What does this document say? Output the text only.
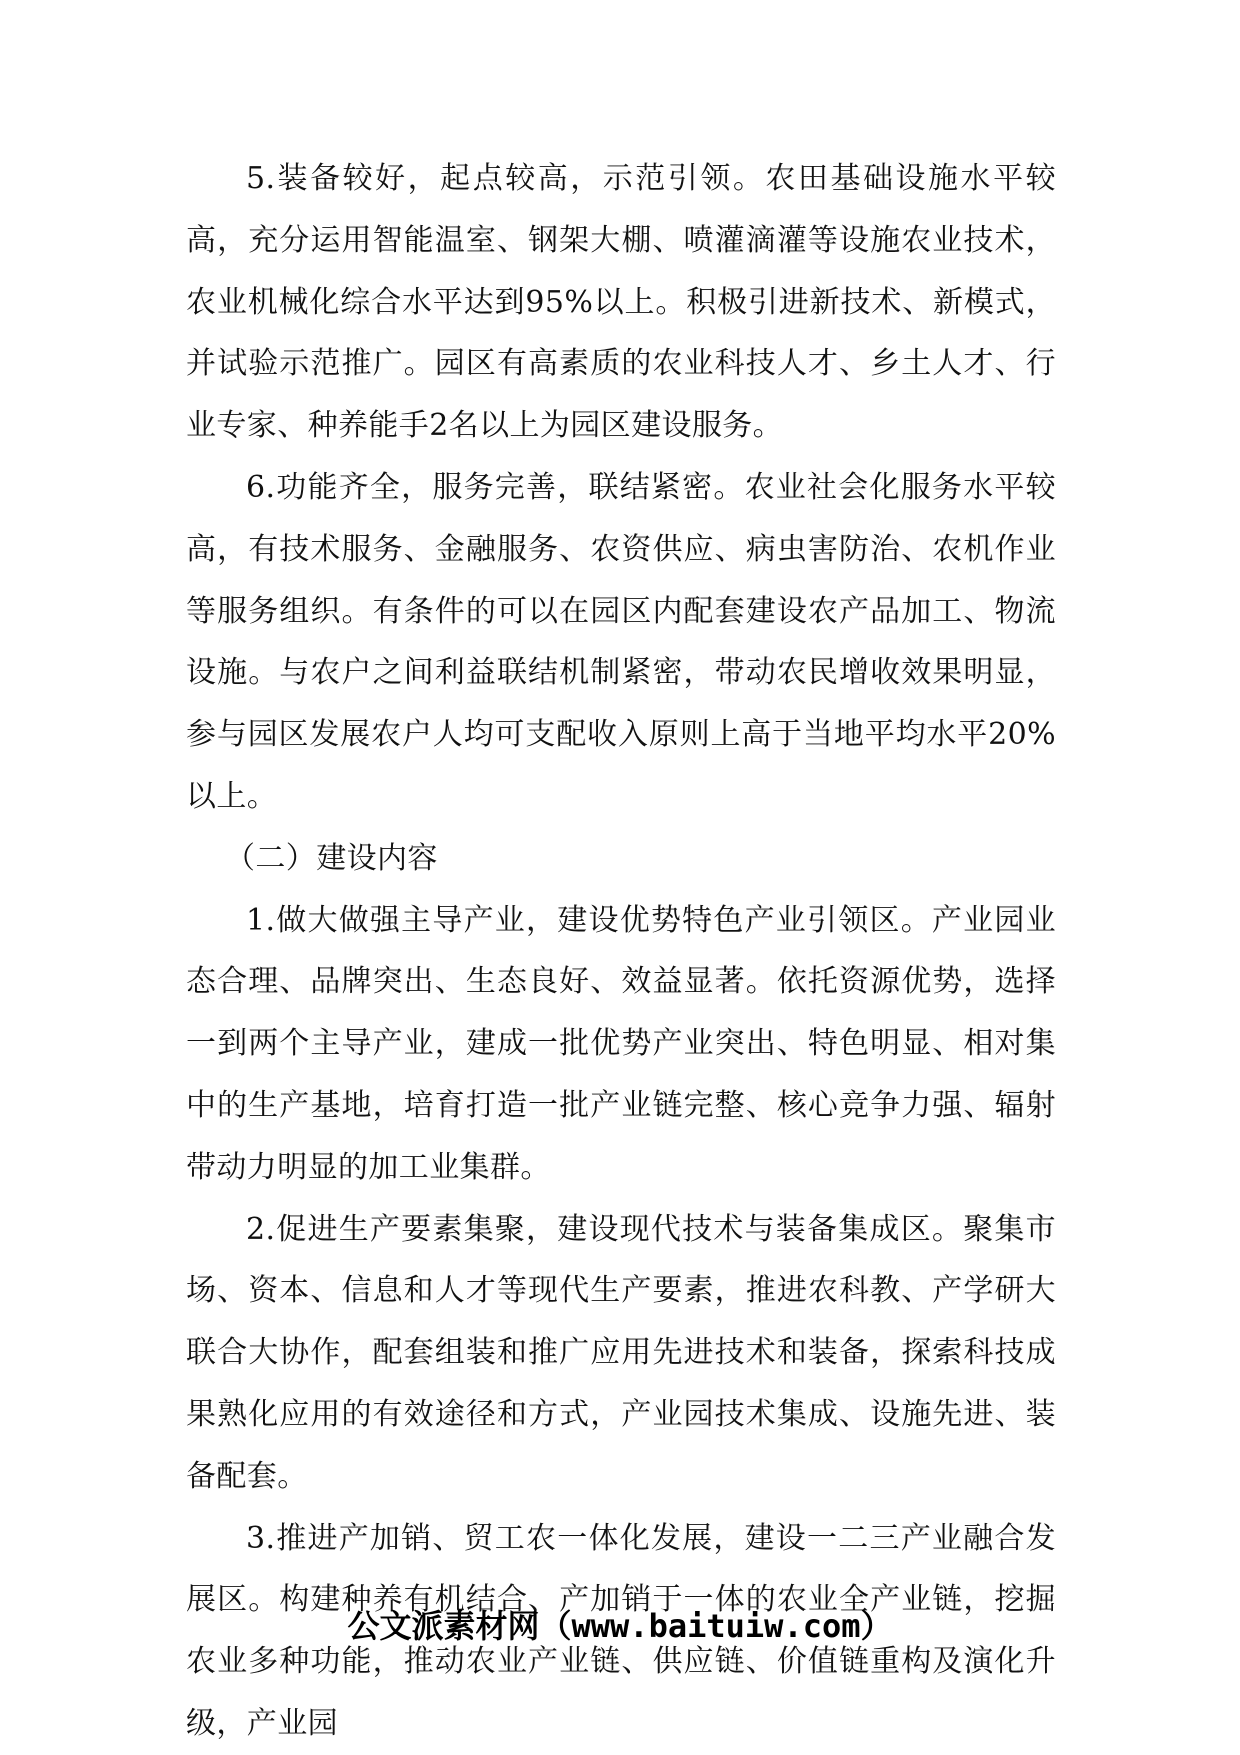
5.装备较好，起点较高，示范引领。农田基础设施水平较高，充分运用智能温室、钢架大棚、喷灌滴灌等设施农业技术，农业机械化综合水平达到95%以上。积极引进新技术、新模式，并试验示范推广。园区有高素质的农业科技人才、乡土人才、行业专家、种养能手2名以上为园区建设服务。

6.功能齐全，服务完善，联结紧密。农业社会化服务水平较高，有技术服务、金融服务、农资供应、病虫害防治、农机作业等服务组织。有条件的可以在园区内配套建设农产品加工、物流设施。与农户之间利益联结机制紧密，带动农民增收效果明显，参与园区发展农户人均可支配收入原则上高于当地平均水平20%以上。

（二）建设内容

1.做大做强主导产业，建设优势特色产业引领区。产业园业态合理、品牌突出、生态良好、效益显著。依托资源优势，选择一到两个主导产业，建成一批优势产业突出、特色明显、相对集中的生产基地，培育打造一批产业链完整、核心竞争力强、辐射带动力明显的加工业集群。

2.促进生产要素集聚，建设现代技术与装备集成区。聚集市场、资本、信息和人才等现代生产要素，推进农科教、产学研大联合大协作，配套组装和推广应用先进技术和装备，探索科技成果熟化应用的有效途径和方式，产业园技术集成、设施先进、装备配套。

3.推进产加销、贸工农一体化发展，建设一二三产业融合发展区。构建种养有机结合、产加销于一体的农业全产业链，挖掘农业多种功能，推动农业产业链、供应链、价值链重构及演化升级，产业园

公文派素材网（www.baituiw.com）
